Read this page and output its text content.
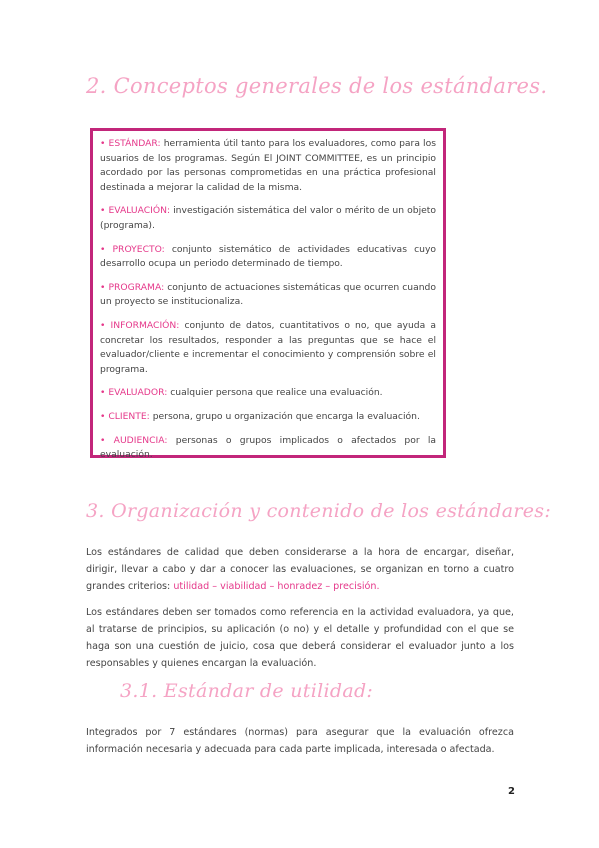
2. Conceptos generales de los estándares.

• ESTÁNDAR: herramienta útil tanto para los evaluadores, como para los usuarios de los programas. Según El JOINT COMMITTEE, es un principio acordado por las personas comprometidas en una práctica profesional destinada a mejorar la calidad de la misma.

• EVALUACIÓN: investigación sistemática del valor o mérito de un objeto (programa).

• PROYECTO: conjunto sistemático de actividades educativas cuyo desarrollo ocupa un periodo determinado de tiempo.

• PROGRAMA: conjunto de actuaciones sistemáticas que ocurren cuando un proyecto se institucionaliza.

• INFORMACIÓN: conjunto de datos, cuantitativos o no, que ayuda a concretar los resultados, responder a las preguntas que se hace el evaluador/cliente e incrementar el conocimiento y comprensión sobre el programa.

• EVALUADOR: cualquier persona que realice una evaluación.

• CLIENTE: persona, grupo u organización que encarga la evaluación.

• AUDIENCIA: personas o grupos implicados o afectados por la evaluación.

3. Organización y contenido de los estándares:

Los estándares de calidad que deben considerarse a la hora de encargar, diseñar, dirigir, llevar a cabo y dar a conocer las evaluaciones, se organizan en torno a cuatro grandes criterios: utilidad – viabilidad – honradez – precisión.

Los estándares deben ser tomados como referencia en la actividad evaluadora, ya que, al tratarse de principios, su aplicación (o no) y el detalle y profundidad con el que se haga son una cuestión de juicio, cosa que deberá considerar el evaluador junto a los responsables y quienes encargan la evaluación.

3.1. Estándar de utilidad:

Integrados por 7 estándares (normas) para asegurar que la evaluación ofrezca información necesaria y adecuada para cada parte implicada, interesada o afectada.

2
